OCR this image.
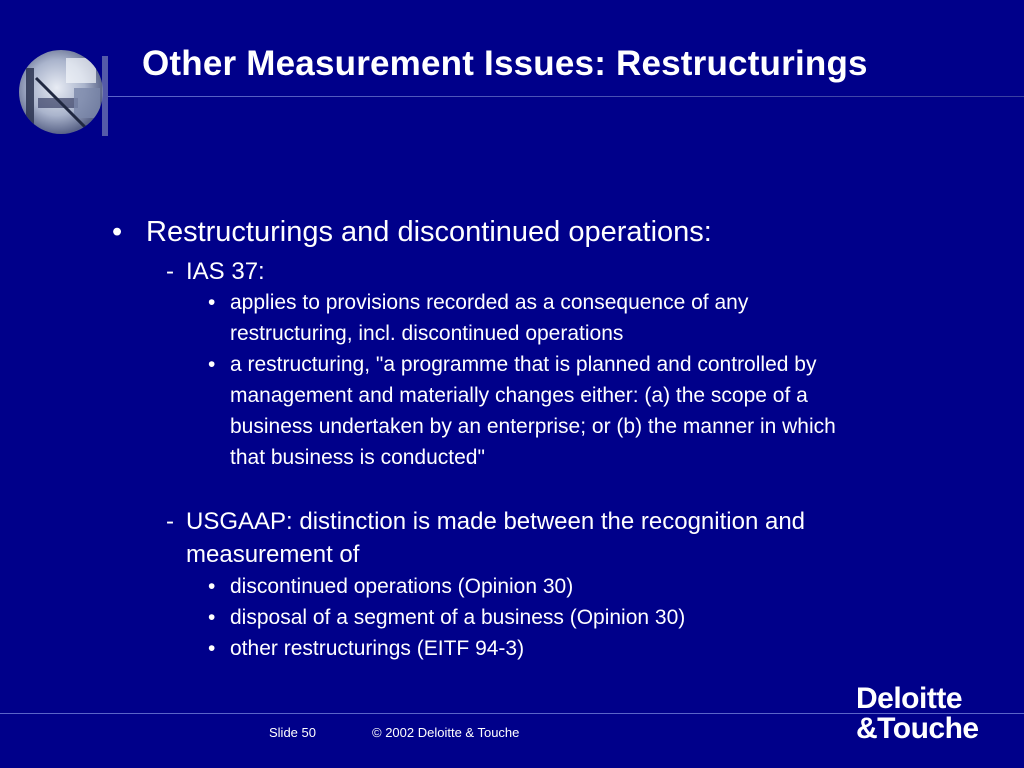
Other Measurement Issues: Restructurings
• Restructurings and discontinued operations:
- IAS 37:
• applies to provisions recorded as a consequence of any
restructuring, incl. discontinued operations
• a restructuring, "a programme that is planned and controlled by
management and materially changes either: (a) the scope of a
business undertaken by an enterprise; or (b) the manner in which
that business is conducted"
- USGAAP: distinction is made between the recognition and
measurement of
• discontinued operations (Opinion 30)
• disposal of a segment of a business (Opinion 30)
• other restructurings (EITF 94-3)
Slide 50	© 2002 Deloitte & Touche
Deloitte
&Touche
